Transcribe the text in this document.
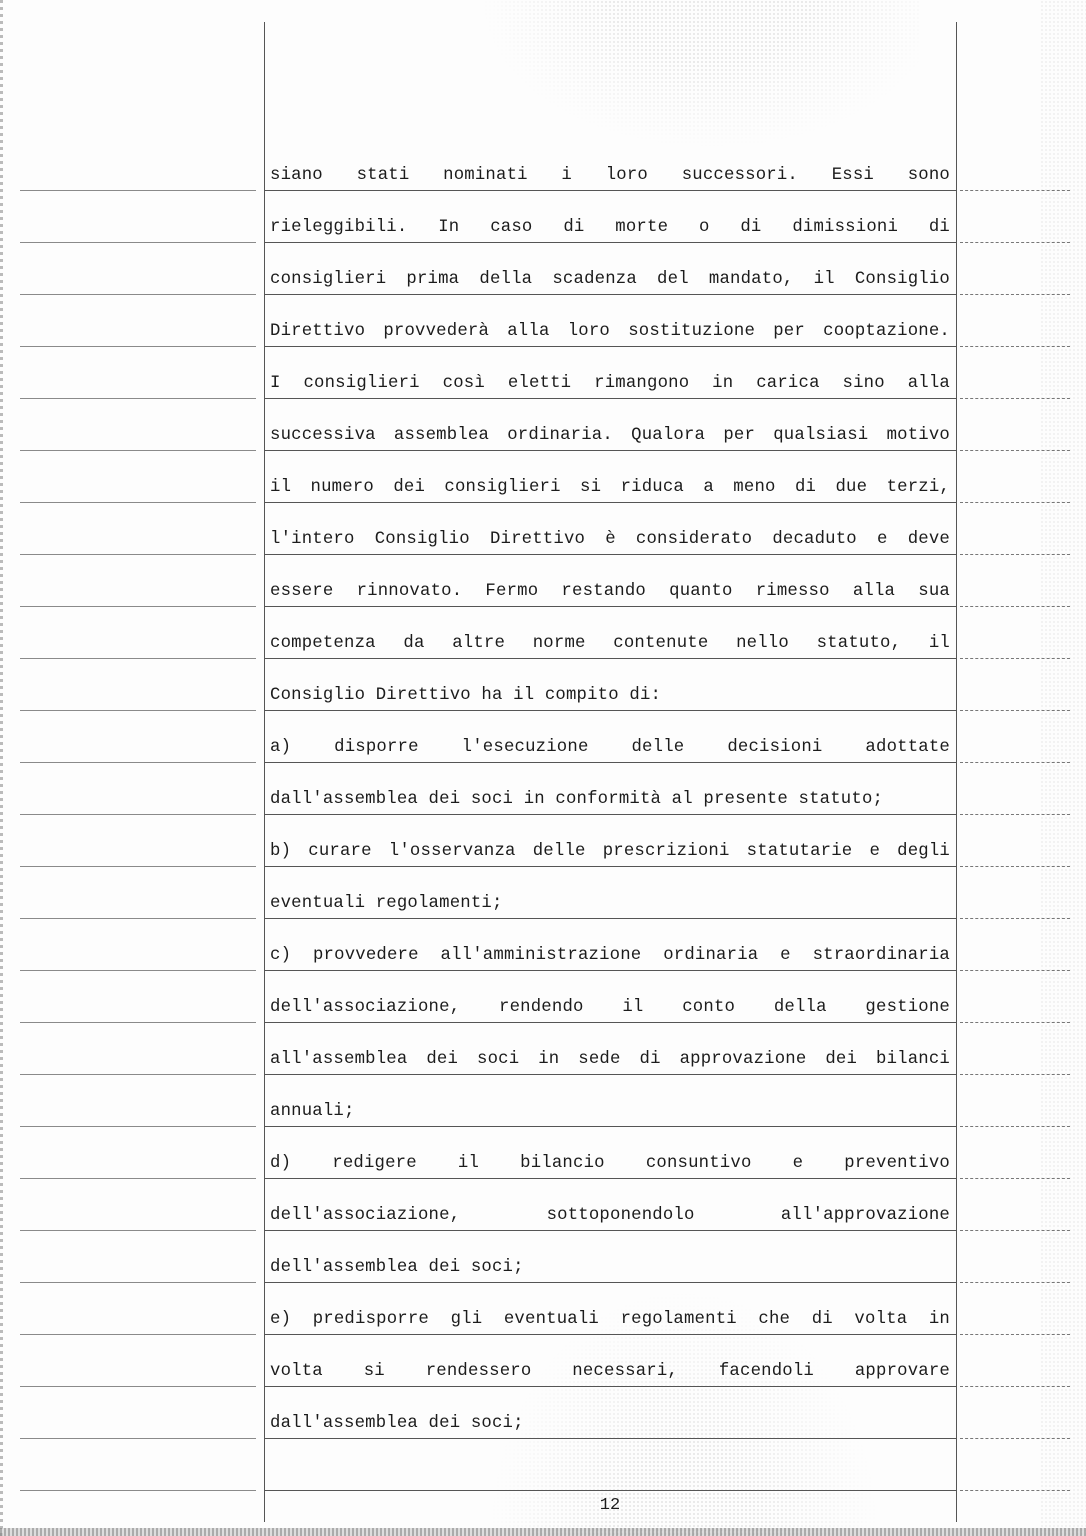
siano stati nominati i loro successori. Essi sono
rieleggibili. In caso di morte o di dimissioni di
consiglieri prima della scadenza del mandato, il Consiglio
Direttivo provvederà alla loro sostituzione per cooptazione.
I consiglieri così eletti rimangono in carica sino alla
successiva assemblea ordinaria. Qualora per qualsiasi motivo
il numero dei consiglieri si riduca a meno di due terzi,
l'intero Consiglio Direttivo è considerato decaduto e deve
essere rinnovato. Fermo restando quanto rimesso alla sua
competenza da altre norme contenute nello statuto, il
Consiglio Direttivo ha il compito di:
a) disporre l'esecuzione delle decisioni adottate
dall'assemblea dei soci in conformità al presente statuto;
b) curare l'osservanza delle prescrizioni statutarie e degli
eventuali regolamenti;
c) provvedere all'amministrazione ordinaria e straordinaria
dell'associazione, rendendo il conto della gestione
all'assemblea dei soci in sede di approvazione dei bilanci
annuali;
d) redigere il bilancio consuntivo e preventivo
dell'associazione, sottoponendolo all'approvazione
dell'assemblea dei soci;
e) predisporre gli eventuali regolamenti che di volta in
volta si rendessero necessari, facendoli approvare
dall'assemblea dei soci;
12
